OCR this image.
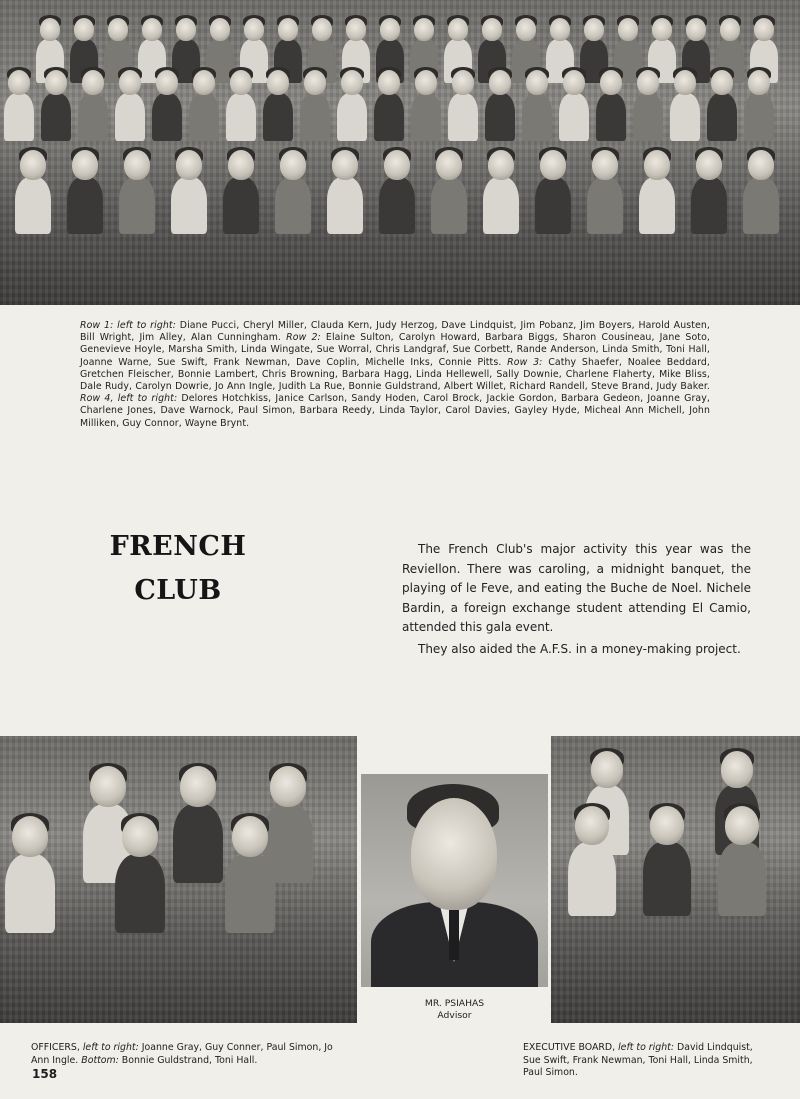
Row 1: left to right: Diane Pucci, Cheryl Miller, Clauda Kern, Judy Herzog, Dave Lindquist, Jim Pobanz, Jim Boyers, Harold Austen, Bill Wright, Jim Alley, Alan Cunningham. Row 2: Elaine Sulton, Carolyn Howard, Barbara Biggs, Sharon Cousineau, Jane Soto, Genevieve Hoyle, Marsha Smith, Linda Wingate, Sue Worral, Chris Landgraf, Sue Corbett, Rande Anderson, Linda Smith, Toni Hall, Joanne Warne, Sue Swift, Frank Newman, Dave Coplin, Michelle Inks, Connie Pitts. Row 3: Cathy Shaefer, Noalee Beddard, Gretchen Fleischer, Bonnie Lambert, Chris Browning, Barbara Hagg, Linda Hellewell, Sally Downie, Charlene Flaherty, Mike Bliss, Dale Rudy, Carolyn Dowrie, Jo Ann Ingle, Judith La Rue, Bonnie Guldstrand, Albert Willet, Richard Randell, Steve Brand, Judy Baker. Row 4, left to right: Delores Hotchkiss, Janice Carlson, Sandy Hoden, Carol Brock, Jackie Gordon, Barbara Gedeon, Joanne Gray, Charlene Jones, Dave Warnock, Paul Simon, Barbara Reedy, Linda Taylor, Carol Davies, Gayley Hyde, Micheal Ann Michell, John Milliken, Guy Connor, Wayne Brynt.
FRENCH
CLUB

The French Club's major activity this year was the Reviellon. There was caroling, a midnight banquet, the playing of le Feve, and eating the Buche de Noel. Nichele Bardin, a foreign exchange student attending El Camio, attended this gala event.

They also aided the A.F.S. in a money-making project.

MR. PSIAHAS
Advisor
OFFICERS, left to right: Joanne Gray, Guy Conner, Paul Simon, Jo Ann Ingle. Bottom: Bonnie Guldstrand, Toni Hall.
EXECUTIVE BOARD, left to right: David Lindquist, Sue Swift, Frank Newman, Toni Hall, Linda Smith, Paul Simon.
158
